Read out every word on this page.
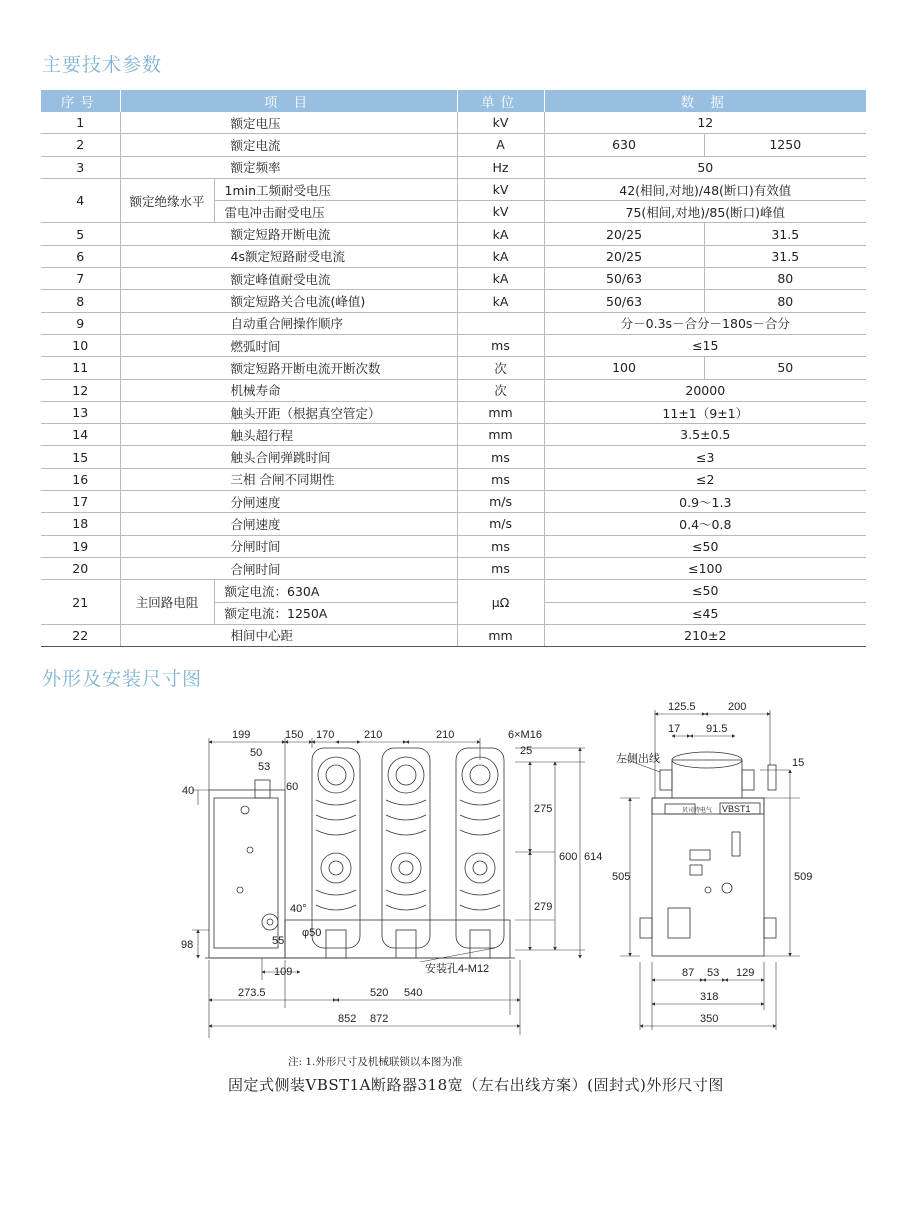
主要技术参数
序号	项 目		单位	数 据	
1	额定电压		kV	12	
2	额定电流		A	630	1250
3	额定频率		Hz	50	
4	额定绝缘水平	1min工频耐受电压	kV	42(相间,对地)/48(断口)有效值	
		雷电冲击耐受电压	kV	75(相间,对地)/85(断口)峰值	
5	额定短路开断电流		kA	20/25	31.5
6	4s额定短路耐受电流		kA	20/25	31.5
7	额定峰值耐受电流		kA	50/63	80
8	额定短路关合电流(峰值)		kA	50/63	80
9	自动重合闸操作顺序			分－0.3s－合分－180s－合分	
10	燃弧时间		ms	≤15	
11	额定短路开断电流开断次数		次	100	50
12	机械寿命		次	20000	
13	触头开距（根据真空管定）		mm	11±1（9±1）	
14	触头超行程		mm	3.5±0.5	
15	触头合闸弹跳时间		ms	≤3	
16	三相 合闸不同期性		ms	≤2	
17	分闸速度		m/s	0.9～1.3	
18	合闸速度		m/s	0.4～0.8	
19	分闸时间		ms	≤50	
20	合闸时间		ms	≤100	
21	主回路电阻	额定电流：630A	μΩ	≤50	
		额定电流：1250A		≤45	
22	相间中心距		mm	210±2	
外形及安装尺寸图
199	150 170	210	210	6×M16
25
50
53
40	60
275
279
600 614
98
40°
55
φ50
109	安装孔4-M12
273.5	520 540
852 872
125.5	200
17 91.5
左侧出线	15
505	509
87 53 129
318
350
VBST1
贝司特电气
注: 1.外形尺寸及机械联锁以本图为准
固定式侧装VBST1A断路器318宽（左右出线方案）(固封式)外形尺寸图
